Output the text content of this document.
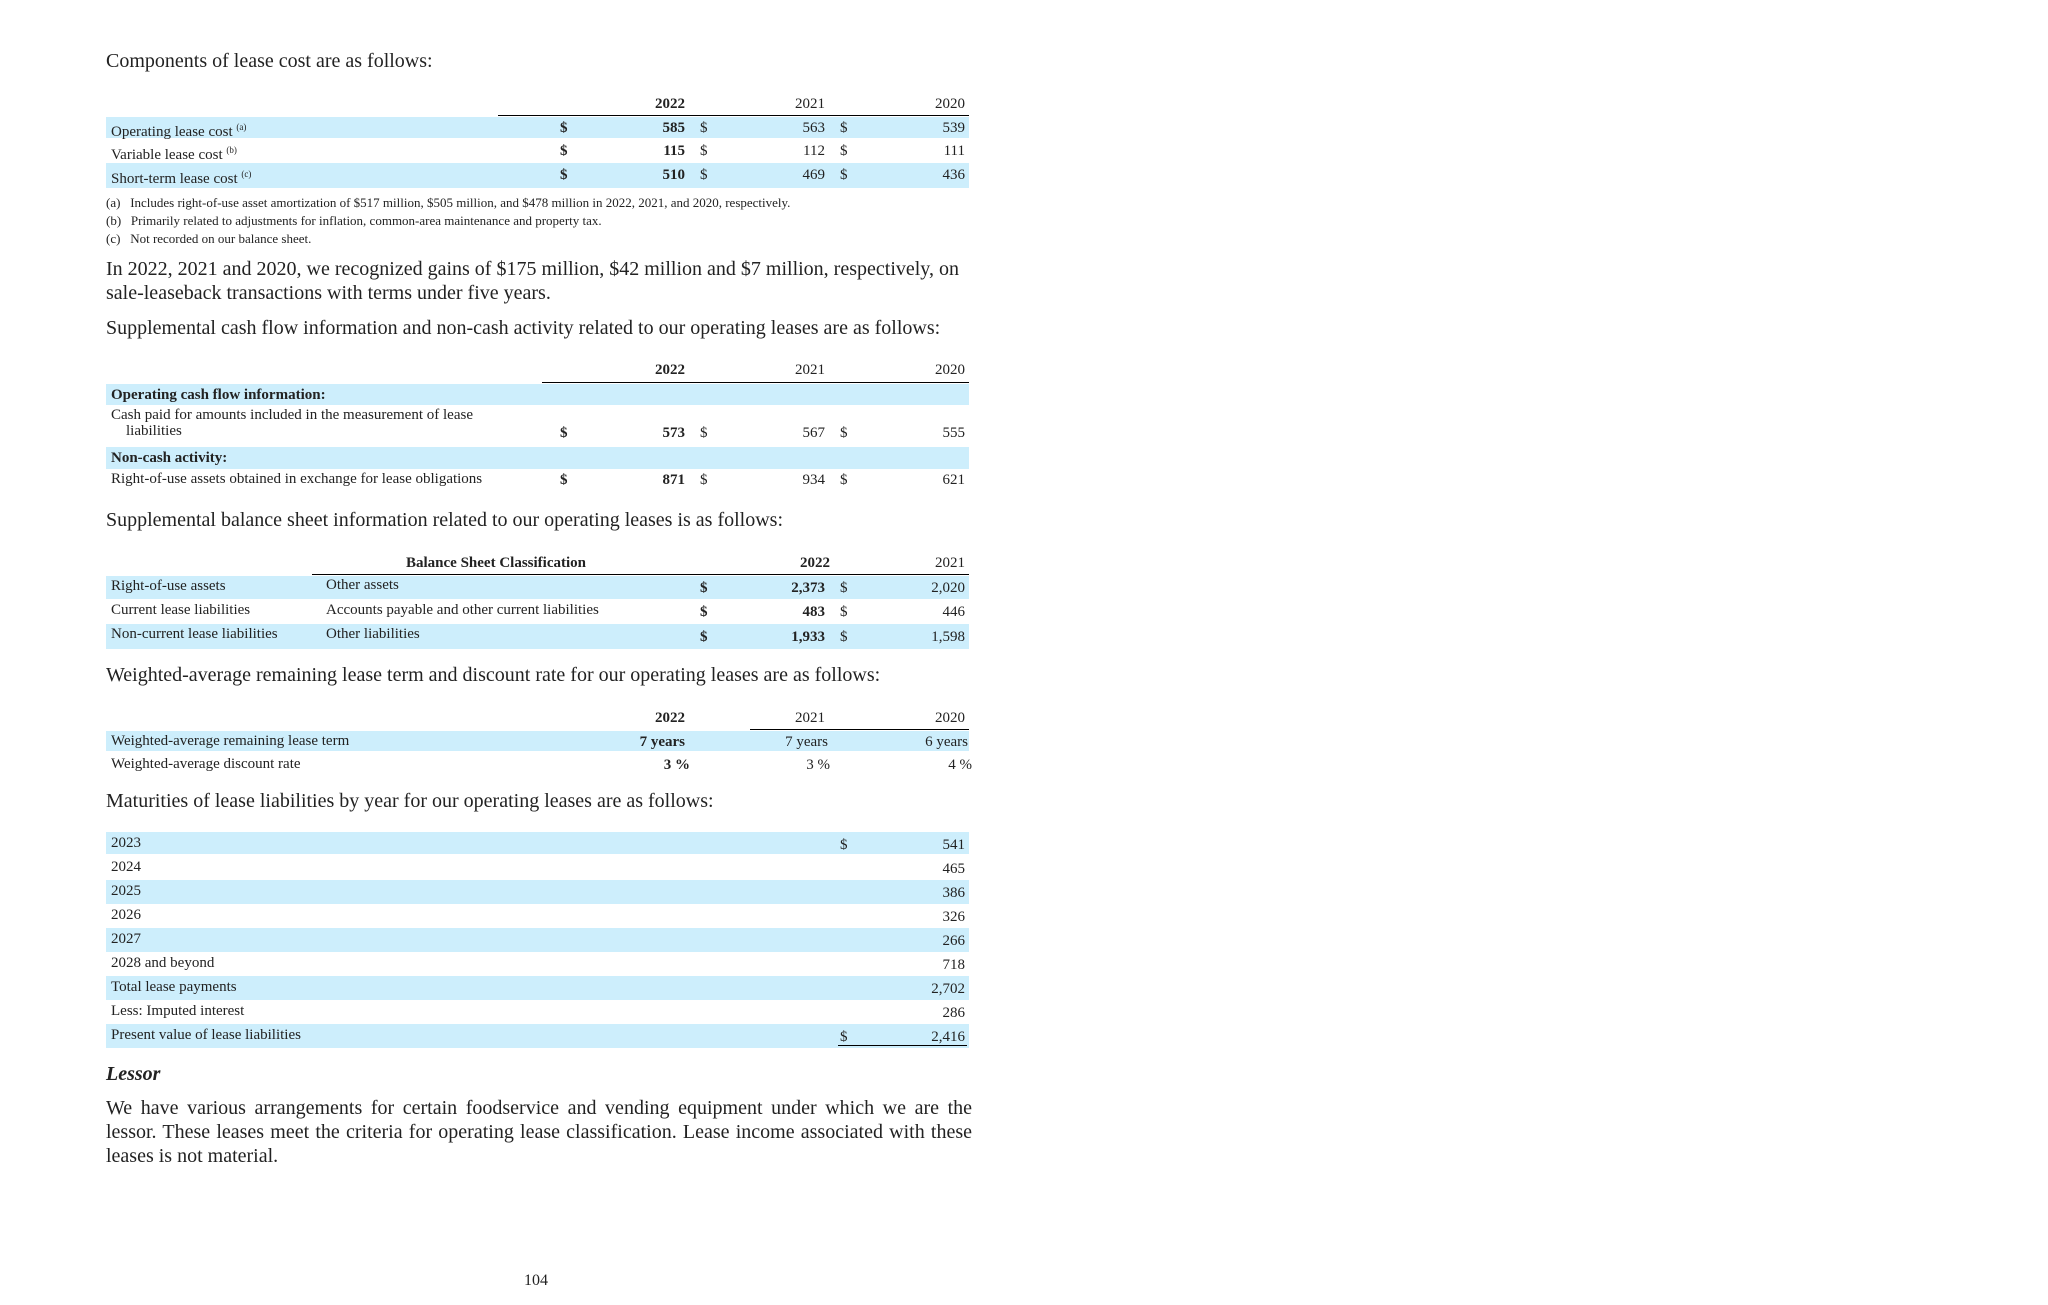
Components of lease cost are as follows:
2022	2021	2020
Operating lease cost $^{(a)}$	$	585 $	563 $	539
Variable lease cost $^{(b)}$	$	115 $	112 $	111
Short-term lease cost $^{(c)}$	$	510 $	469 $	436
(a) Includes right-of-use asset amortization of $517 million, $505 million, and $478 million in 2022, 2021, and 2020, respectively.
(b) Primarily related to adjustments for inflation, common-area maintenance and property tax.
(c) Not recorded on our balance sheet.
In 2022, 2021 and 2020, we recognized gains of $175 million, $42 million and $7 million, respectively, on sale-leaseback transactions with terms under five years.
Supplemental cash flow information and non-cash activity related to our operating leases are as follows:
2022	2021	2020
Operating cash flow information:
Cash paid for amounts included in the measurement of lease
liabilities	$	573 $	567 $	555
Non-cash activity:
Right-of-use assets obtained in exchange for lease obligations	$	871 $	934 $	621
Supplemental balance sheet information related to our operating leases is as follows:
Balance Sheet Classification	2022	2021
Right-of-use assets	Other assets	$	2,373 $	2,020
Current lease liabilities	Accounts payable and other current liabilities	$	483 $	446
Non-current lease liabilities	Other liabilities	$	1,933 $	1,598
Weighted-average remaining lease term and discount rate for our operating leases are as follows:
2022	2021	2020
Weighted-average remaining lease term	7 years	7 years	6 years
Weighted-average discount rate	3 %	3 %	4 %
Maturities of lease liabilities by year for our operating leases are as follows:
2023	$	541
2024	465
2025	386
2026	326
2027	266
2028 and beyond	718
Total lease payments	2,702
Less: Imputed interest	286
Present value of lease liabilities	$	2,416
Lessor
We have various arrangements for certain foodservice and vending equipment under which we are the lessor. These leases meet the criteria for operating lease classification. Lease income associated with these leases is not material.
104
